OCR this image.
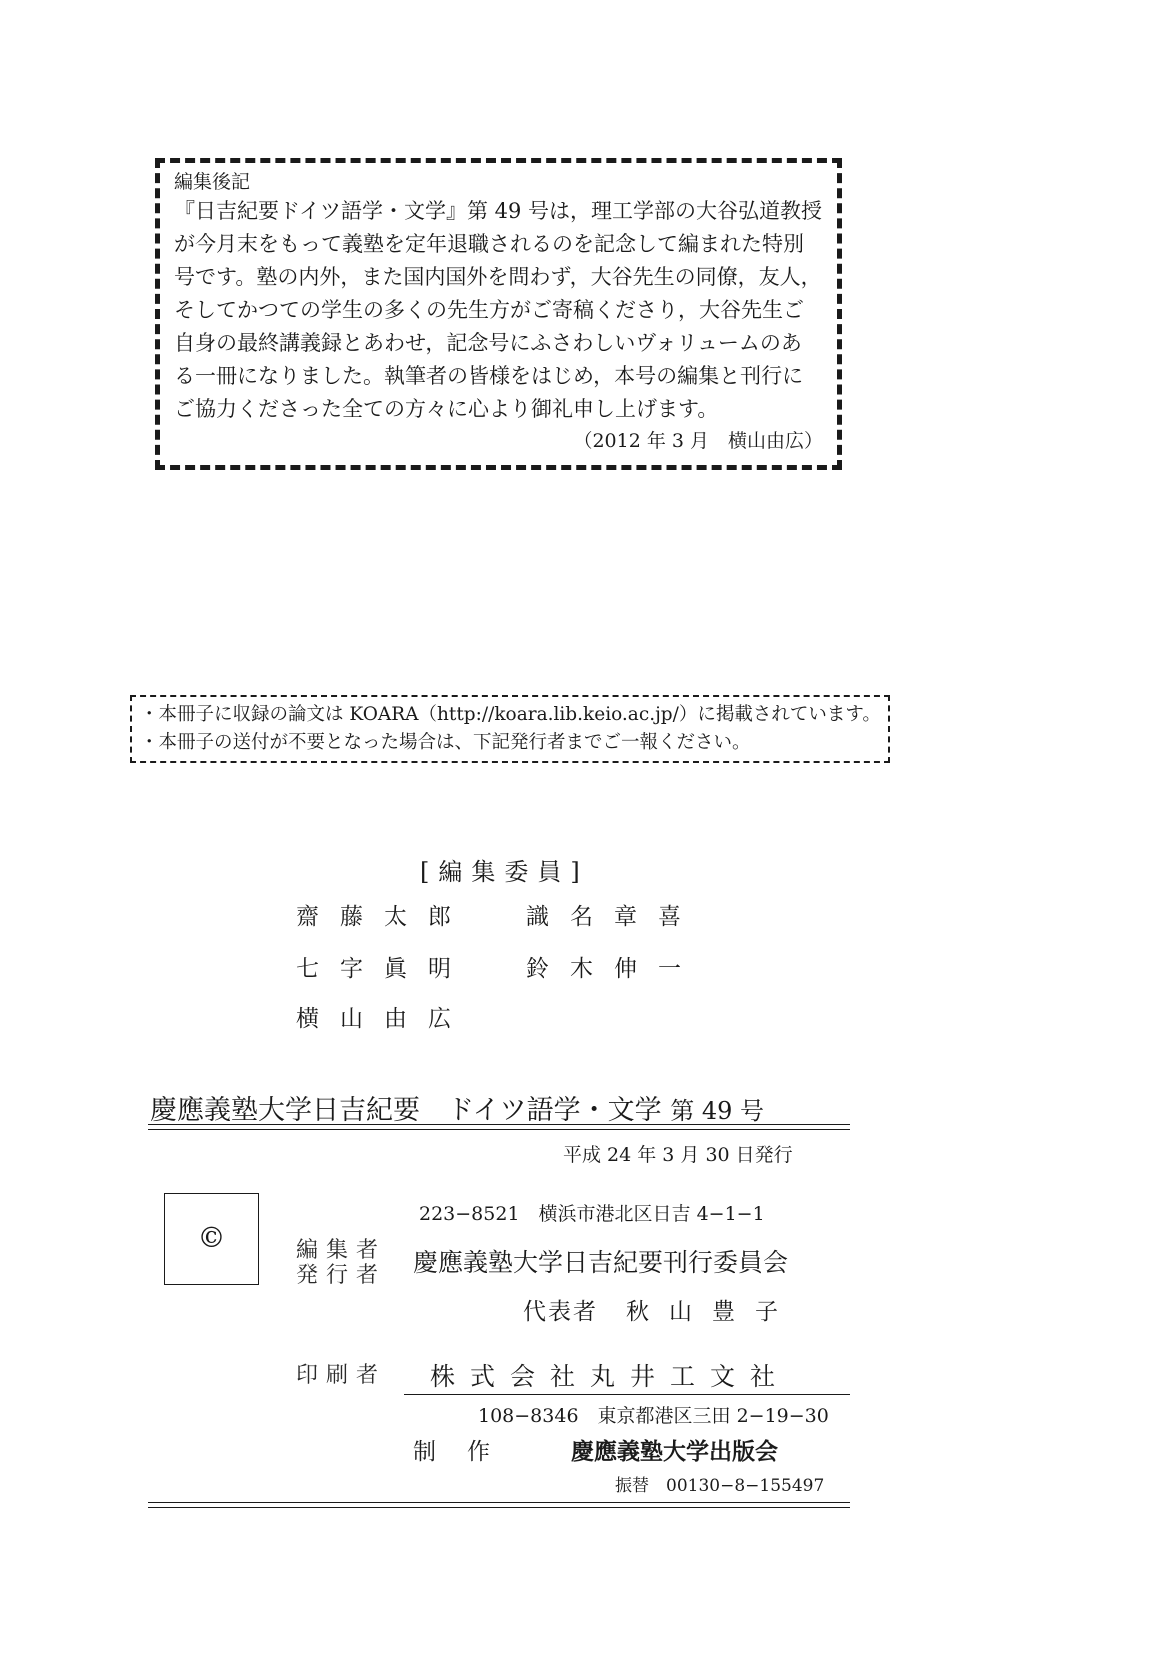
編集後記
『日吉紀要ドイツ語学・文学』第 49 号は，理工学部の大谷弘道教授
が今月末をもって義塾を定年退職されるのを記念して編まれた特別
号です。塾の内外，また国内国外を問わず，大谷先生の同僚，友人，
そしてかつての学生の多くの先生方がご寄稿くださり，大谷先生ご
自身の最終講義録とあわせ，記念号にふさわしいヴォリュームのあ
る一冊になりました。執筆者の皆様をはじめ，本号の編集と刊行に
ご協力くださった全ての方々に心より御礼申し上げます。
（2012 年 3 月　横山由広）
・本冊子に収録の論文は KOARA（http://koara.lib.keio.ac.jp/）に掲載されています。
・本冊子の送付が不要となった場合は、下記発行者までご一報ください。
[編集委員]
齋藤太郎 識名章喜
七字眞明 鈴木伸一
横山由広
慶應義塾大学日吉紀要　ドイツ語学・文学 第 49 号
平成 24 年 3 月 30 日発行
©
223−8521　横浜市港北区日吉 4−1−1
編集者
発行者 慶應義塾大学日吉紀要刊行委員会
代表者 秋山豊子
印刷者 株式会社丸井工文社
108−8346　東京都港区三田 2−19−30
制　作	慶應義塾大学出版会
振替　00130−8−155497
